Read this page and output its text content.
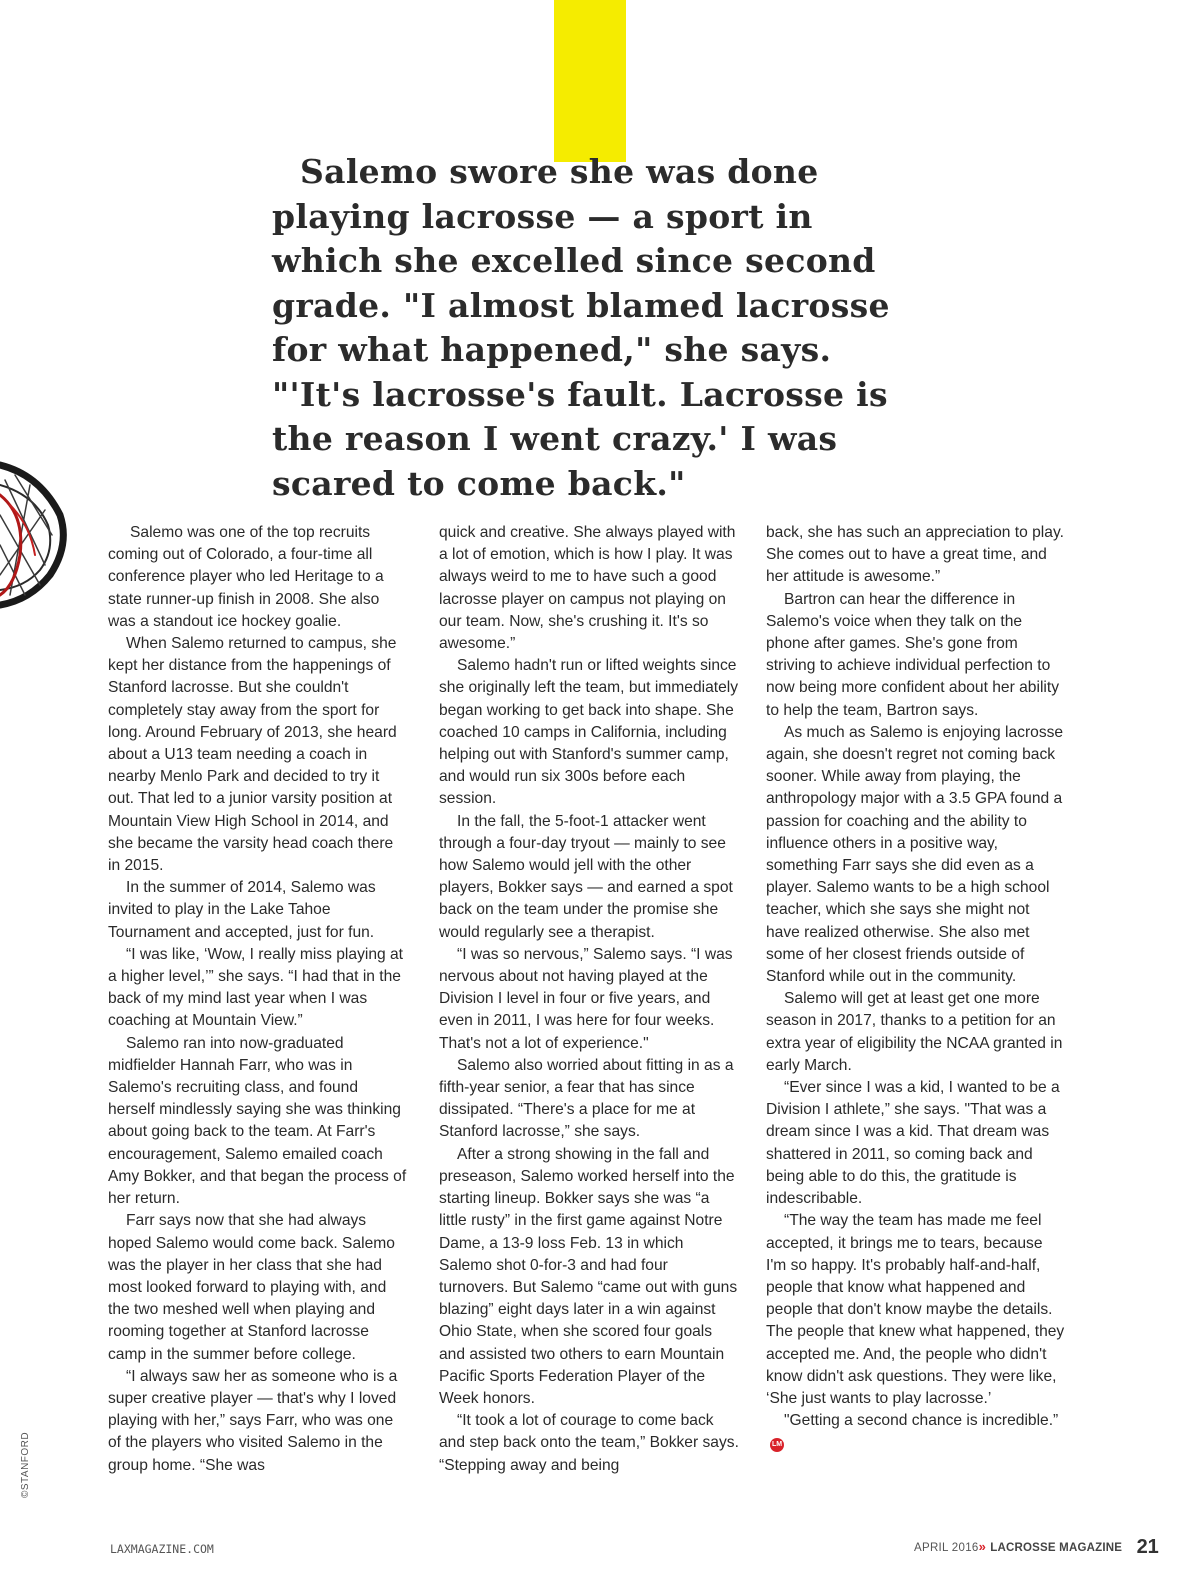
Salemo swore she was done playing lacrosse — a sport in which she excelled since second grade. "I almost blamed lacrosse for what happened," she says. "'It's lacrosse's fault. Lacrosse is the reason I went crazy.' I was scared to come back."

Salemo was one of the top recruits coming out of Colorado, a four-time all conference player who led Heritage to a state runner-up finish in 2008. She also was a standout ice hockey goalie.

When Salemo returned to campus, she kept her distance from the happenings of Stanford lacrosse. But she couldn't completely stay away from the sport for long. Around February of 2013, she heard about a U13 team needing a coach in nearby Menlo Park and decided to try it out. That led to a junior varsity position at Mountain View High School in 2014, and she became the varsity head coach there in 2015.

In the summer of 2014, Salemo was invited to play in the Lake Tahoe Tournament and accepted, just for fun.

“I was like, ‘Wow, I really miss playing at a higher level,’” she says. “I had that in the back of my mind last year when I was coaching at Mountain View.”

Salemo ran into now-graduated midfielder Hannah Farr, who was in Salemo's recruiting class, and found herself mindlessly saying she was thinking about going back to the team. At Farr's encouragement, Salemo emailed coach Amy Bokker, and that began the process of her return.

Farr says now that she had always hoped Salemo would come back. Salemo was the player in her class that she had most looked forward to playing with, and the two meshed well when playing and rooming together at Stanford lacrosse camp in the summer before college.

“I always saw her as someone who is a super creative player — that's why I loved playing with her,” says Farr, who was one of the players who visited Salemo in the group home. “She was

quick and creative. She always played with a lot of emotion, which is how I play. It was always weird to me to have such a good lacrosse player on campus not playing on our team. Now, she's crushing it. It's so awesome.”

Salemo hadn't run or lifted weights since she originally left the team, but immediately began working to get back into shape. She coached 10 camps in California, including helping out with Stanford's summer camp, and would run six 300s before each session.

In the fall, the 5-foot-1 attacker went through a four-day tryout — mainly to see how Salemo would jell with the other players, Bokker says — and earned a spot back on the team under the promise she would regularly see a therapist.

“I was so nervous,” Salemo says. “I was nervous about not having played at the Division I level in four or five years, and even in 2011, I was here for four weeks. That's not a lot of experience."

Salemo also worried about fitting in as a fifth-year senior, a fear that has since dissipated. “There's a place for me at Stanford lacrosse,” she says.

After a strong showing in the fall and preseason, Salemo worked herself into the starting lineup. Bokker says she was “a little rusty” in the first game against Notre Dame, a 13-9 loss Feb. 13 in which Salemo shot 0-for-3 and had four turnovers. But Salemo “came out with guns blazing” eight days later in a win against Ohio State, when she scored four goals and assisted two others to earn Mountain Pacific Sports Federation Player of the Week honors.

“It took a lot of courage to come back and step back onto the team,” Bokker says. “Stepping away and being

back, she has such an appreciation to play. She comes out to have a great time, and her attitude is awesome.”

Bartron can hear the difference in Salemo's voice when they talk on the phone after games. She's gone from striving to achieve individual perfection to now being more confident about her ability to help the team, Bartron says.

As much as Salemo is enjoying lacrosse again, she doesn't regret not coming back sooner. While away from playing, the anthropology major with a 3.5 GPA found a passion for coaching and the ability to influence others in a positive way, something Farr says she did even as a player. Salemo wants to be a high school teacher, which she says she might not have realized otherwise. She also met some of her closest friends outside of Stanford while out in the community.

Salemo will get at least get one more season in 2017, thanks to a petition for an extra year of eligibility the NCAA granted in early March.

“Ever since I was a kid, I wanted to be a Division I athlete,” she says. "That was a dream since I was a kid. That dream was shattered in 2011, so coming back and being able to do this, the gratitude is indescribable.

“The way the team has made me feel accepted, it brings me to tears, because I'm so happy. It's probably half-and-half, people that know what happened and people that don't know maybe the details. The people that knew what happened, they accepted me. And, the people who didn't know didn't ask questions. They were like, ‘She just wants to play lacrosse.’

"Getting a second chance is incredible.”LM

©STANFORD
LAXMAGAZINE.COM	APRIL 2016» LACROSSE MAGAZINE 21
